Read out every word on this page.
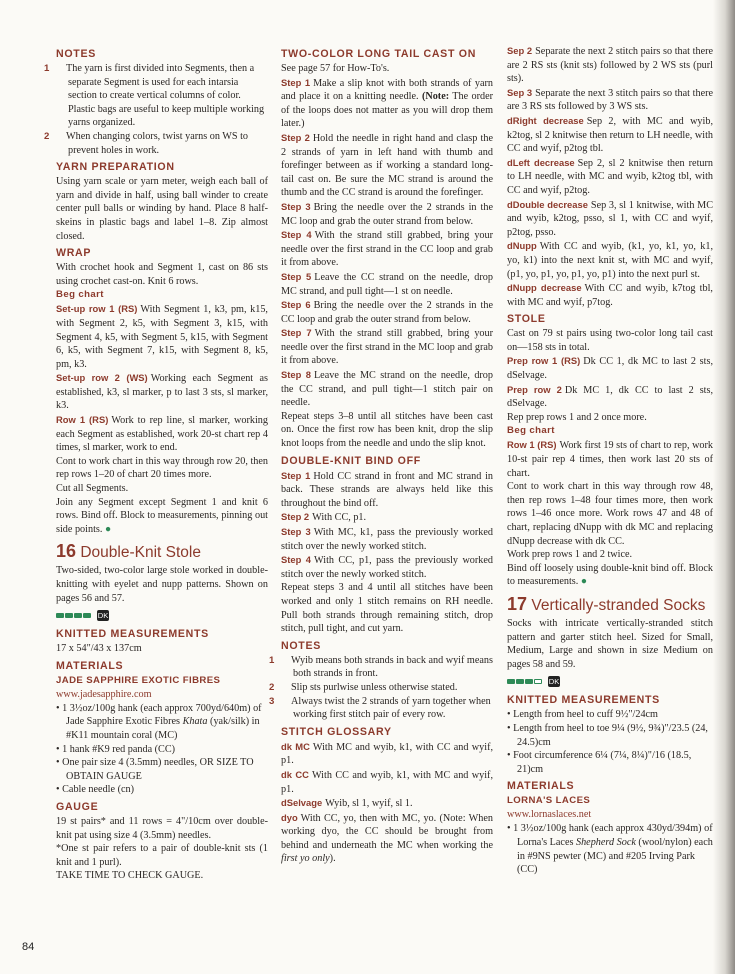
NOTES

1 The yarn is first divided into Segments, then a separate Segment is used for each intarsia section to create vertical columns of color. Plastic bags are useful to keep multiple working yarns organized.

2 When changing colors, twist yarns on WS to prevent holes in work.

YARN PREPARATION

Using yarn scale or yarn meter, weigh each ball of yarn and divide in half, using ball winder to create center pull balls or winding by hand. Place 8 half-skeins in plastic bags and label 1–8. Zip almost closed.

WRAP

With crochet hook and Segment 1, cast on 86 sts using crochet cast-on. Knit 6 rows.

Beg chart

Set-up row 1 (RS) With Segment 1, k3, pm, k15, with Segment 2, k5, with Segment 3, k15, with Segment 4, k5, with Segment 5, k15, with Segment 6, k5, with Segment 7, k15, with Segment 8, k5, pm, k3.

Set-up row 2 (WS) Working each Segment as established, k3, sl marker, p to last 3 sts, sl marker, k3.

Row 1 (RS) Work to rep line, sl marker, working each Segment as established, work 20-st chart rep 4 times, sl marker, work to end.

Cont to work chart in this way through row 20, then rep rows 1–20 of chart 20 times more.

Cut all Segments.

Join any Segment except Segment 1 and knit 6 rows. Bind off. Block to measurements, pinning out side points. ●

16 Double-Knit Stole

Two-sided, two-color large stole worked in double-knitting with eyelet and nupp patterns. Shown on pages 56 and 57.

DK
KNITTED MEASUREMENTS

17 x 54"/43 x 137cm

MATERIALS
JADE SAPPHIRE EXOTIC FIBRES
www.jadesapphire.com

• 1 3½oz/100g hank (each approx 700yd/640m) of Jade Sapphire Exotic Fibres Khata (yak/silk) in #K11 mountain coral (MC)

• 1 hank #K9 red panda (CC)

• One pair size 4 (3.5mm) needles, OR SIZE TO OBTAIN GAUGE

• Cable needle (cn)

GAUGE

19 st pairs* and 11 rows = 4"/10cm over double-knit pat using size 4 (3.5mm) needles.

*One st pair refers to a pair of double-knit sts (1 knit and 1 purl).

TAKE TIME TO CHECK GAUGE.

TWO-COLOR LONG TAIL CAST ON

See page 57 for How-To's.

Step 1 Make a slip knot with both strands of yarn and place it on a knitting needle. (Note: The order of the loops does not matter as you will drop them later.)

Step 2 Hold the needle in right hand and clasp the 2 strands of yarn in left hand with thumb and forefinger between as if working a standard long-tail cast on. Be sure the MC strand is around the thumb and the CC strand is around the forefinger.

Step 3 Bring the needle over the 2 strands in the MC loop and grab the outer strand from below.

Step 4 With the strand still grabbed, bring your needle over the first strand in the CC loop and grab it from above.

Step 5 Leave the CC strand on the needle, drop MC strand, and pull tight—1 st on needle.

Step 6 Bring the needle over the 2 strands in the CC loop and grab the outer strand from below.

Step 7 With the strand still grabbed, bring your needle over the first strand in the MC loop and grab it from above.

Step 8 Leave the MC strand on the needle, drop the CC strand, and pull tight—1 stitch pair on needle.

Repeat steps 3–8 until all stitches have been cast on. Once the first row has been knit, drop the slip knot loops from the needle and undo the slip knot.

DOUBLE-KNIT BIND OFF

Step 1 Hold CC strand in front and MC strand in back. These strands are always held like this throughout the bind off.

Step 2 With CC, p1.

Step 3 With MC, k1, pass the previously worked stitch over the newly worked stitch.

Step 4 With CC, p1, pass the previously worked stitch over the newly worked stitch.

Repeat steps 3 and 4 until all stitches have been worked and only 1 stitch remains on RH needle. Pull both strands through remaining stitch, drop stitch, pull tight, and cut yarn.

NOTES

1 Wyib means both strands in back and wyif means both strands in front.

2 Slip sts purlwise unless otherwise stated.

3 Always twist the 2 strands of yarn together when working first stitch pair of every row.

STITCH GLOSSARY

dk MC With MC and wyib, k1, with CC and wyif, p1.

dk CC With CC and wyib, k1, with MC and wyif, p1.

dSelvage Wyib, sl 1, wyif, sl 1.

dyo With CC, yo, then with MC, yo. (Note: When working dyo, the CC should be brought from behind and underneath the MC when working the first yo only).

Sep 2 Separate the next 2 stitch pairs so that there are 2 RS sts (knit sts) followed by 2 WS sts (purl sts).

Sep 3 Separate the next 3 stitch pairs so that there are 3 RS sts followed by 3 WS sts.

dRight decrease Sep 2, with MC and wyib, k2tog, sl 2 knitwise then return to LH needle, with CC and wyif, p2tog tbl.

dLeft decrease Sep 2, sl 2 knitwise then return to LH needle, with MC and wyib, k2tog tbl, with CC and wyif, p2tog.

dDouble decrease Sep 3, sl 1 knitwise, with MC and wyib, k2tog, psso, sl 1, with CC and wyif, p2tog, psso.

dNupp With CC and wyib, (k1, yo, k1, yo, k1, yo, k1) into the next knit st, with MC and wyif, (p1, yo, p1, yo, p1, yo, p1) into the next purl st.

dNupp decrease With CC and wyib, k7tog tbl, with MC and wyif, p7tog.

STOLE

Cast on 79 st pairs using two-color long tail cast on—158 sts in total.

Prep row 1 (RS) Dk CC 1, dk MC to last 2 sts, dSelvage.

Prep row 2 Dk MC 1, dk CC to last 2 sts, dSelvage.

Rep prep rows 1 and 2 once more.

Beg chart

Row 1 (RS) Work first 19 sts of chart to rep, work 10-st pair rep 4 times, then work last 20 sts of chart.

Cont to work chart in this way through row 48, then rep rows 1–48 four times more, then work rows 1–46 once more. Work rows 47 and 48 of chart, replacing dNupp with dk MC and replacing dNupp decrease with dk CC.

Work prep rows 1 and 2 twice.

Bind off loosely using double-knit bind off. Block to measurements. ●

17 Vertically-stranded Socks

Socks with intricate vertically-stranded stitch pattern and garter stitch heel. Sized for Small, Medium, Large and shown in size Medium on pages 58 and 59.

DK
KNITTED MEASUREMENTS

• Length from heel to cuff 9½"/24cm

• Length from heel to toe 9¼ (9½, 9¾)"/23.5 (24, 24.5)cm

• Foot circumference 6¼ (7¼, 8¼)"/16 (18.5, 21)cm

MATERIALS
LORNA'S LACES
www.lornaslaces.net

• 1 3½oz/100g hank (each approx 430yd/394m) of Lorna's Laces Shepherd Sock (wool/nylon) each in #9NS pewter (MC) and #205 Irving Park (CC)

84
